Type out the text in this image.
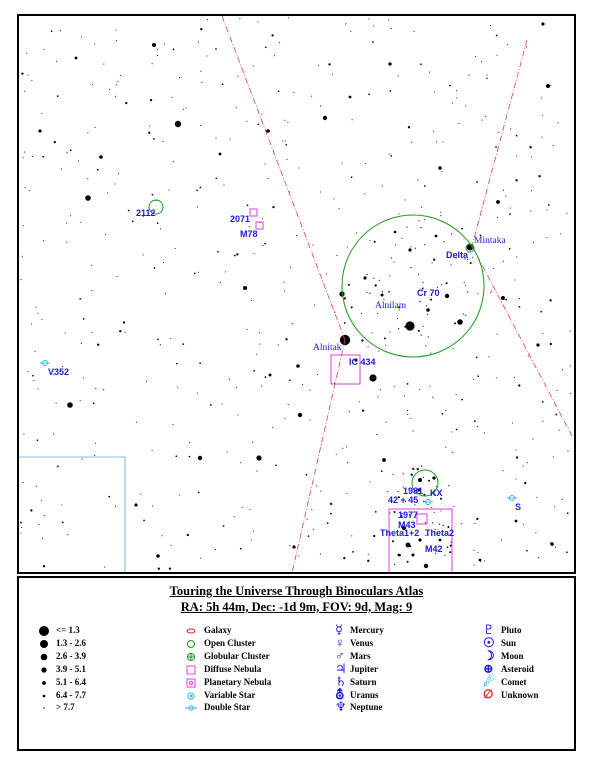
2112
2071
M78
Mintaka
Delta
Cr 70
Alnilam
Alnitak
IC 434
V352
1981 KX
42 + 45
1977
M43
Theta1+2 Theta2
M42
S
Touring the Universe Through Binoculars Atlas
RA: 5h 44m, Dec: -1d 9m, FOV: 9d, Mag: 9
<= 1.3
1.3 - 2.6
2.6 - 3.9
3.9 - 5.1
5.1 - 6.4
6.4 - 7.7
> 7.7
Galaxy
Open Cluster
Globular Cluster
Diffuse Nebula
Planetary Nebula
Variable Star
Double Star
☿
♀
♂
♃
♄
⛢
♆
Mercury
Venus
Mars
Jupiter
Saturn
Uranus
Neptune
♇
☉
☽
⊕
☄
∅
Pluto
Sun
Moon
Asteroid
Comet
Unknown
